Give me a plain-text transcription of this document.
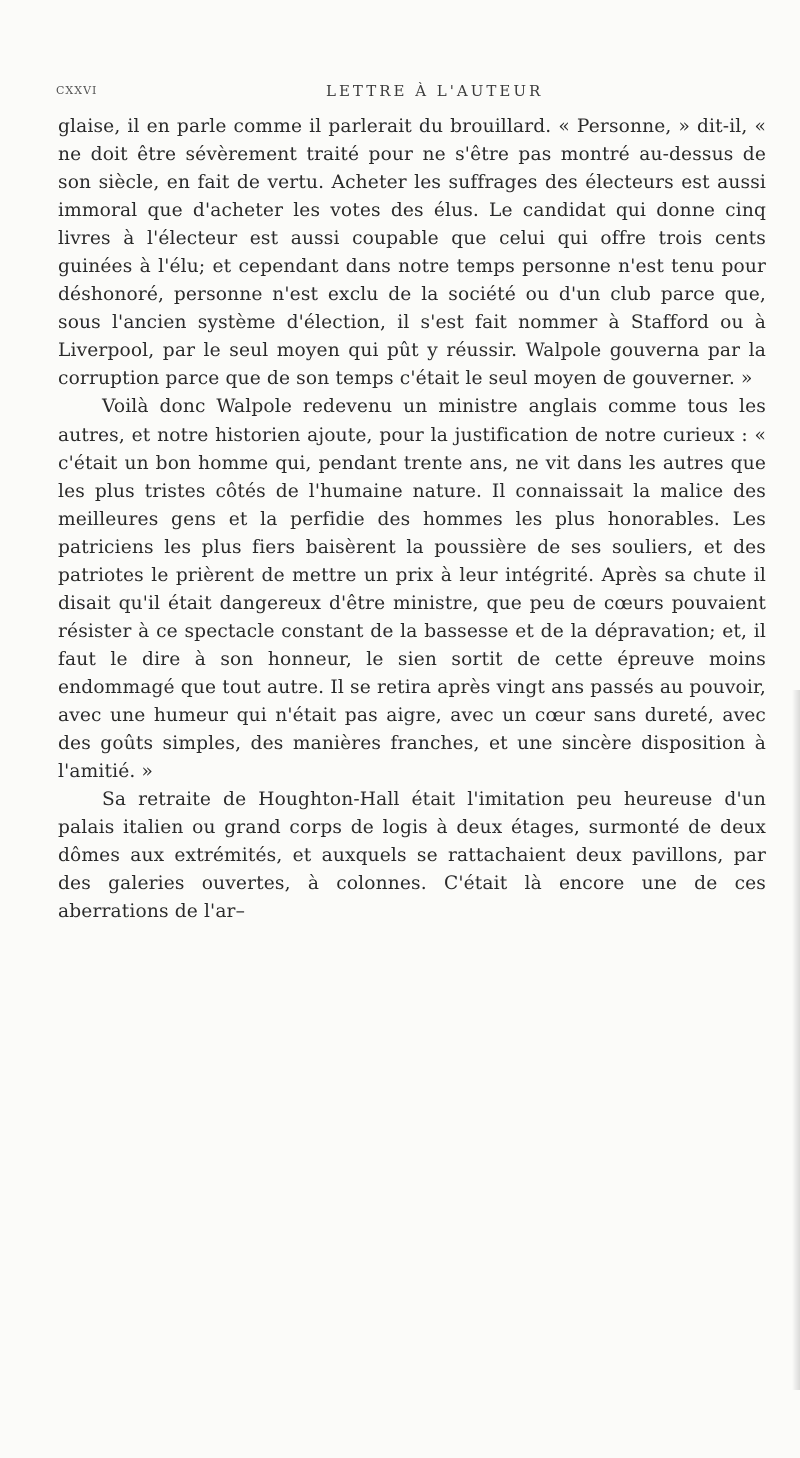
CXXVI	LETTRE À L'AUTEUR

glaise, il en parle comme il parlerait du brouillard. « Personne, » dit-il, « ne doit être sévèrement traité pour ne s'être pas montré au-dessus de son siècle, en fait de vertu. Acheter les suffrages des électeurs est aussi immoral que d'acheter les votes des élus. Le candidat qui donne cinq livres à l'électeur est aussi coupable que celui qui offre trois cents guinées à l'élu; et cependant dans notre temps personne n'est tenu pour déshonoré, personne n'est exclu de la société ou d'un club parce que, sous l'ancien système d'élection, il s'est fait nommer à Stafford ou à Liverpool, par le seul moyen qui pût y réussir. Walpole gouverna par la corruption parce que de son temps c'était le seul moyen de gouverner. »

Voilà donc Walpole redevenu un ministre anglais comme tous les autres, et notre historien ajoute, pour la justification de notre curieux : « c'était un bon homme qui, pendant trente ans, ne vit dans les autres que les plus tristes côtés de l'humaine nature. Il connaissait la malice des meilleures gens et la perfidie des hommes les plus honorables. Les patriciens les plus fiers baisèrent la poussière de ses souliers, et des patriotes le prièrent de mettre un prix à leur intégrité. Après sa chute il disait qu'il était dangereux d'être ministre, que peu de cœurs pouvaient résister à ce spectacle constant de la bassesse et de la dépravation; et, il faut le dire à son honneur, le sien sortit de cette épreuve moins endommagé que tout autre. Il se retira après vingt ans passés au pouvoir, avec une humeur qui n'était pas aigre, avec un cœur sans dureté, avec des goûts simples, des manières franches, et une sincère disposition à l'amitié. »

Sa retraite de Houghton-Hall était l'imitation peu heureuse d'un palais italien ou grand corps de logis à deux étages, surmonté de deux dômes aux extrémités, et auxquels se rattachaient deux pavillons, par des galeries ouvertes, à colonnes. C'était là encore une de ces aberrations de l'ar–
